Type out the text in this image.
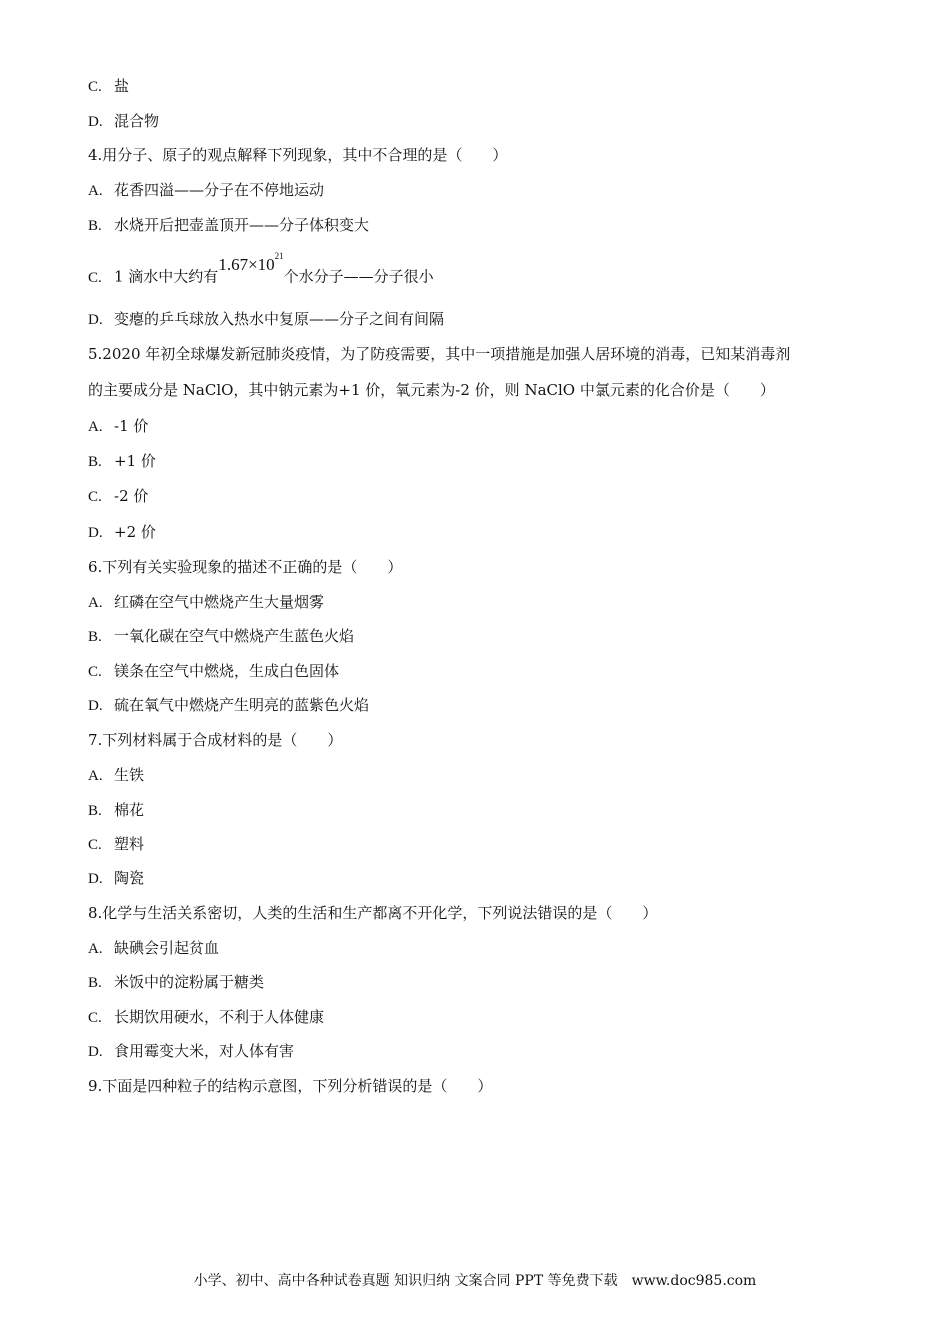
C. 盐
D. 混合物
4.用分子、原子的观点解释下列现象，其中不合理的是（　　）
A. 花香四溢——分子在不停地运动
B. 水烧开后把壶盖顶开——分子体积变大
C. 1 滴水中大约有$1.67\times 10^{21}$个水分子——分子很小
D. 变瘪的乒乓球放入热水中复原——分子之间有间隔
5.2020 年初全球爆发新冠肺炎疫情，为了防疫需要，其中一项措施是加强人居环境的消毒，已知某消毒剂
的主要成分是 NaClO，其中钠元素为+1 价，氧元素为-2 价，则 NaClO 中氯元素的化合价是（　　）
A. -1 价
B. +1 价
C. -2 价
D. +2 价
6.下列有关实验现象的描述不正确的是（　　）
A. 红磷在空气中燃烧产生大量烟雾
B. 一氧化碳在空气中燃烧产生蓝色火焰
C. 镁条在空气中燃烧，生成白色固体
D. 硫在氧气中燃烧产生明亮的蓝紫色火焰
7.下列材料属于合成材料的是（　　）
A. 生铁
B. 棉花
C. 塑料
D. 陶瓷
8.化学与生活关系密切，人类的生活和生产都离不开化学，下列说法错误的是（　　）
A. 缺碘会引起贫血
B. 米饭中的淀粉属于糖类
C. 长期饮用硬水，不利于人体健康
D. 食用霉变大米，对人体有害
9.下面是四种粒子的结构示意图，下列分析错误的是（　　）
小学、初中、高中各种试卷真题 知识归纳 文案合同 PPT 等免费下载　www.doc985.com
